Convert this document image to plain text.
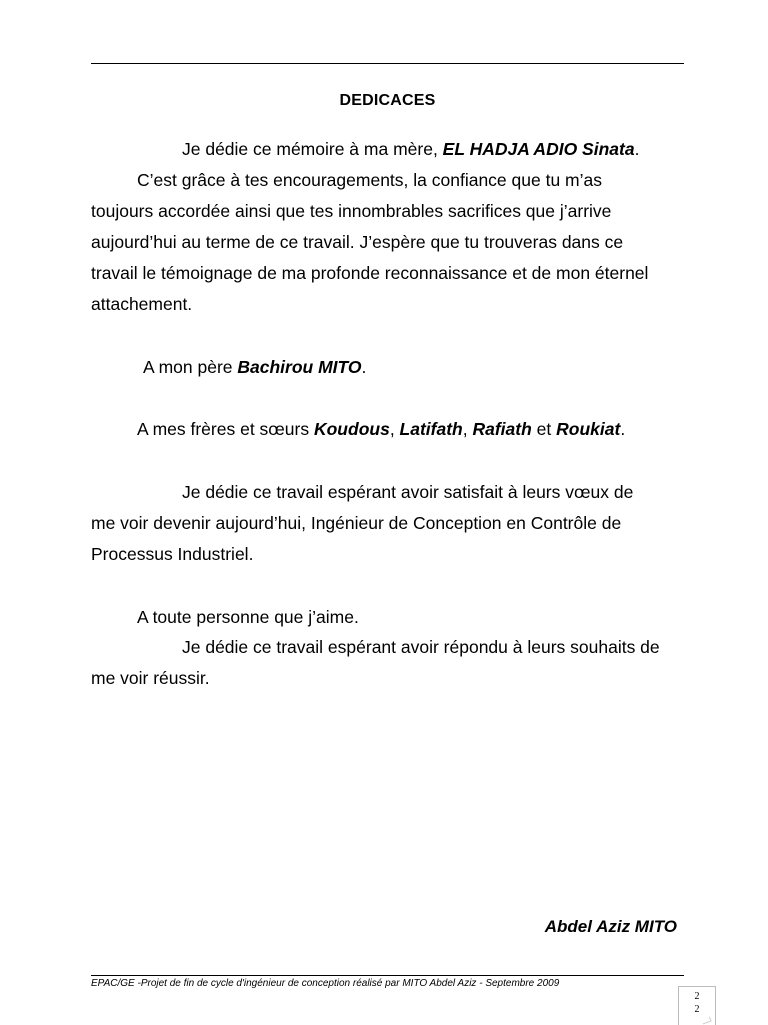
DEDICACES
Je dédie ce mémoire à ma mère, EL HADJA ADIO Sinata.
C’est grâce à tes encouragements, la confiance que tu m’as
toujours accordée ainsi que tes innombrables sacrifices que j’arrive
aujourd’hui au terme de ce travail. J’espère que tu trouveras dans ce
travail le témoignage de ma profonde reconnaissance et de mon éternel
attachement.
A mon père Bachirou MITO.
A mes frères et sœurs Koudous, Latifath, Rafiath et Roukiat.
Je dédie ce travail espérant avoir satisfait à leurs vœux de
me voir devenir aujourd’hui, Ingénieur de Conception en Contrôle de
Processus Industriel.
A toute personne que j’aime.
Je dédie ce travail espérant avoir répondu à leurs souhaits de
me voir réussir.
Abdel Aziz MITO
EPAC/GE -Projet de fin de cycle d'ingénieur de conception réalisé par MITO Abdel Aziz - Septembre 2009
2
2
